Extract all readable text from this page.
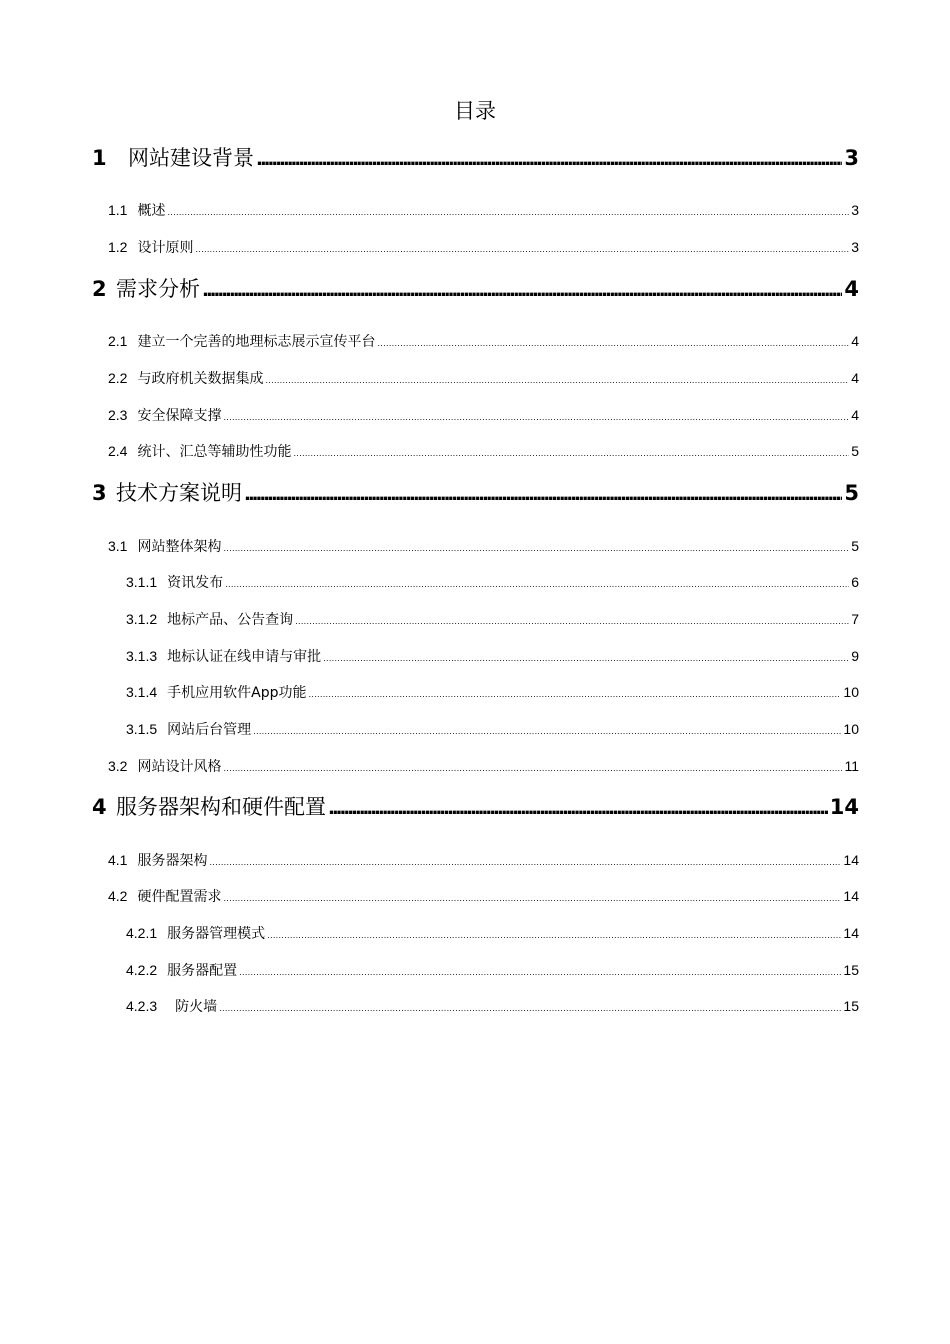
目录
1	网站建设背景 .....	3
1.1 概述 .....	3
1.2 设计原则 .....	3
2 需求分析 .....	4
2.1 建立一个完善的地理标志展示宣传平台 .....	4
2.2 与政府机关数据集成 .....	4
2.3 安全保障支撑 .....	4
2.4 统计、汇总等辅助性功能 .....	5
3 技术方案说明 .....	5
3.1 网站整体架构 .....	5
3.1.1 资讯发布 .....	6
3.1.2 地标产品、公告查询 .....	7
3.1.3 地标认证在线申请与审批 .....	9
3.1.4 手机应用软件App功能 .....	10
3.1.5 网站后台管理 .....	10
3.2 网站设计风格 .....	11
4 服务器架构和硬件配置 .....	14
4.1 服务器架构 .....	14
4.2 硬件配置需求 .....	14
4.2.1 服务器管理模式 .....	14
4.2.2 服务器配置 .....	15
4.2.3 防火墙 .....	15
